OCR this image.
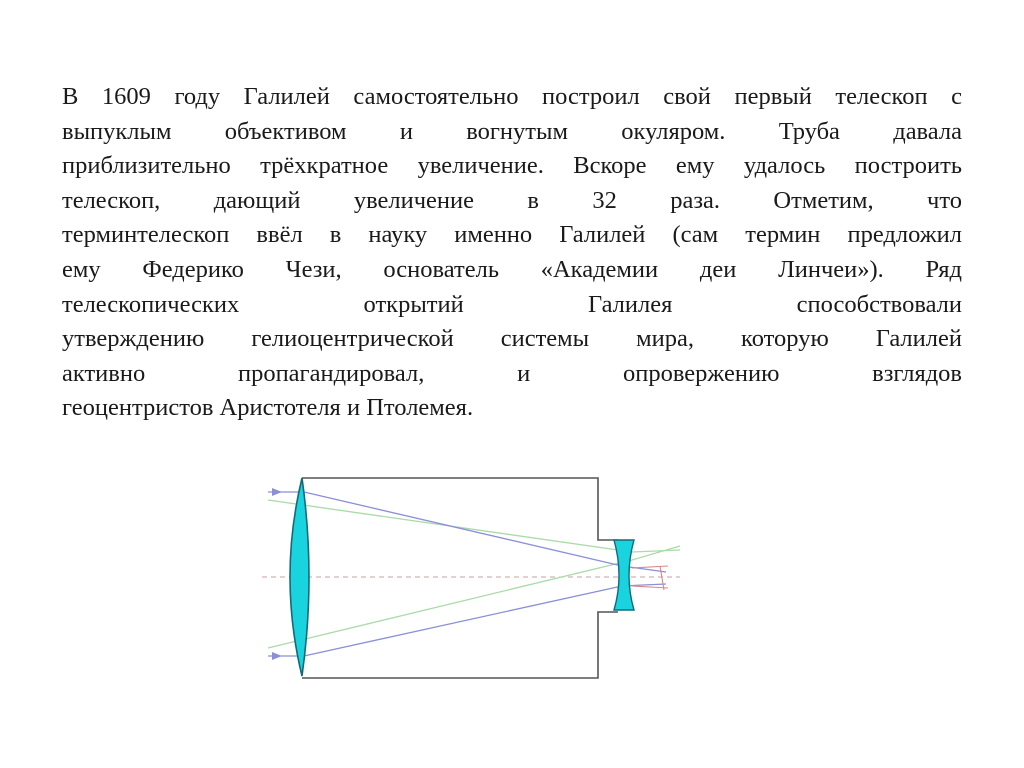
В 1609 году Галилей самостоятельно построил свой первый телескоп с
выпуклым объективом и вогнутым окуляром. Труба давала
приблизительно трёхкратное увеличение. Вскоре ему удалось построить
телескоп, дающий увеличение в 32 раза. Отметим, что
терминтелескоп ввёл в науку именно Галилей (сам термин предложил
ему Федерико Чези, основатель «Академии деи Линчеи»). Ряд
телескопических открытий Галилея способствовали
утверждению гелиоцентрической системы мира, которую Галилей
активно пропагандировал, и опровержению взглядов
геоцентристов Аристотеля и Птолемея.
